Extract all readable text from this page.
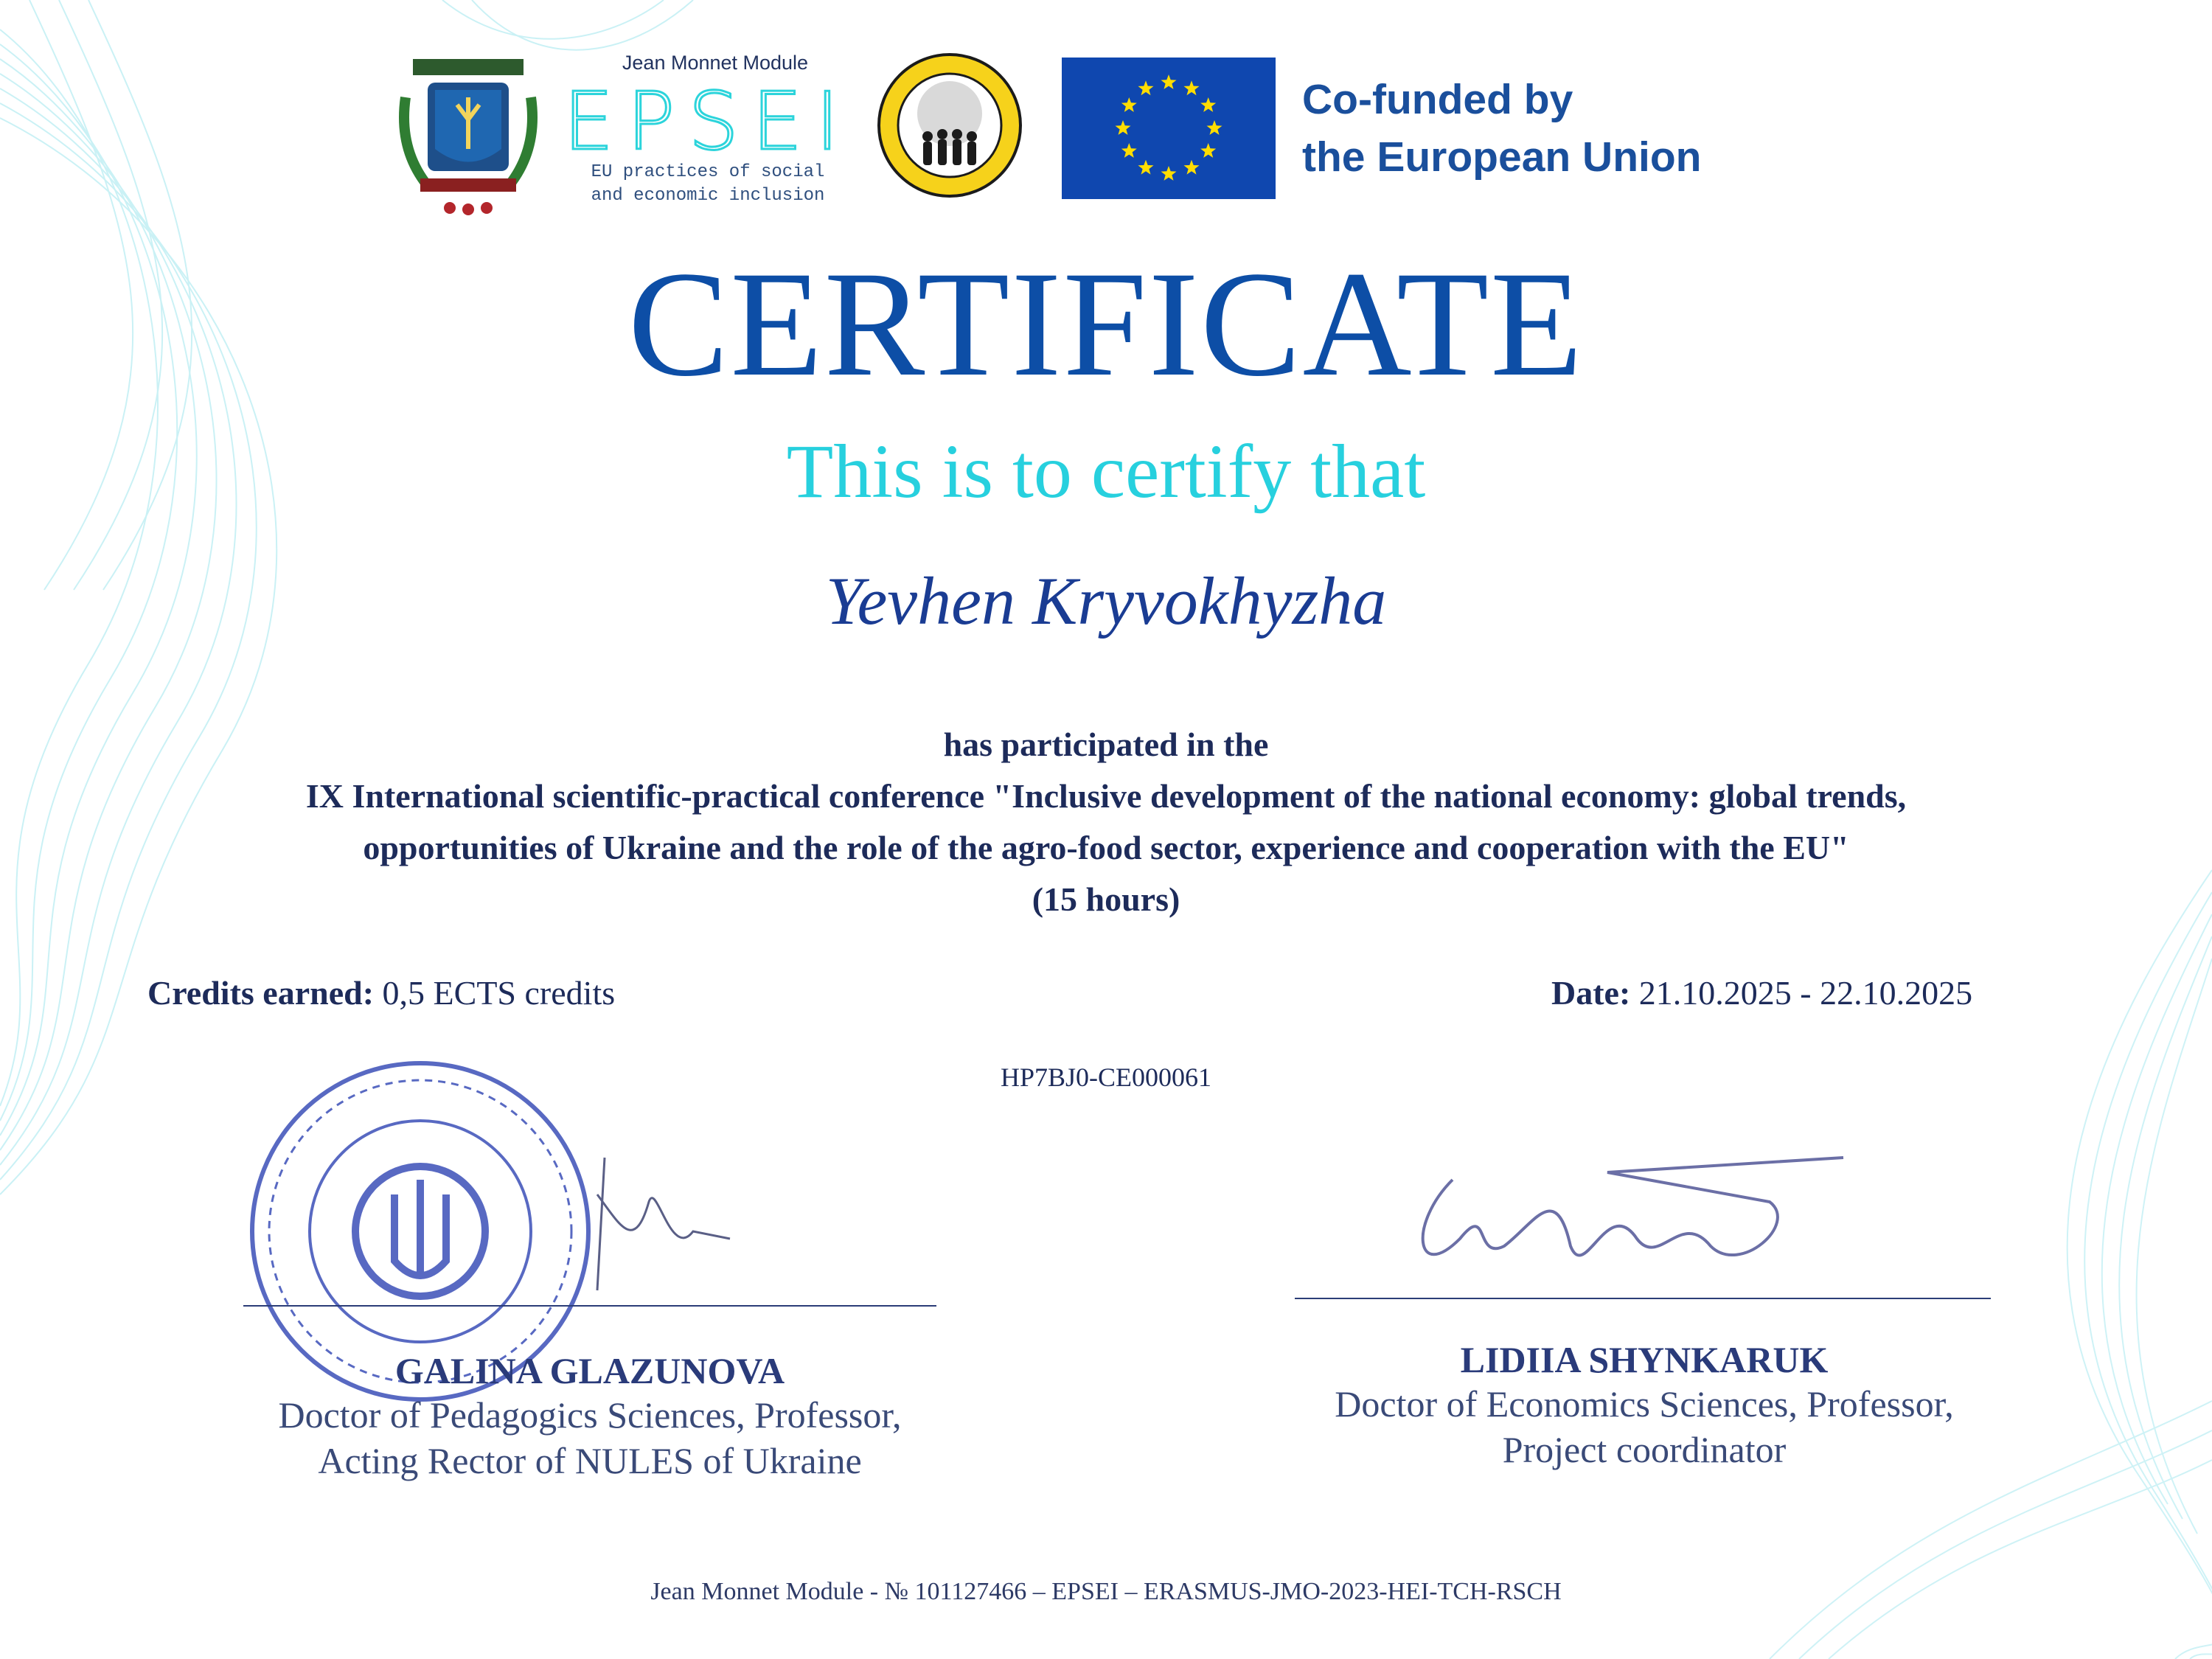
Jean Monnet Module
EPSEI
EU practices of social
and economic inclusion
Co-funded by
the European Union
CERTIFICATE
This is to certify that
Yevhen Kryvokhyzha
has participated in the
IX International scientific-practical conference "Inclusive development of the national economy: global trends,
opportunities of Ukraine and the role of the agro-food sector, experience and cooperation with the EU"
(15 hours)
Credits earned: 0,5 ECTS credits	Date: 21.10.2025 - 22.10.2025
HP7BJ0-CE000061
GALINA GLAZUNOVA
Doctor of Pedagogics Sciences, Professor,
Acting Rector of NULES of Ukraine
LIDIIA SHYNKARUK
Doctor of Economics Sciences, Professor,
Project coordinator
Jean Monnet Module - № 101127466 – EPSEI – ERASMUS-JMO-2023-HEI-TCH-RSCH
